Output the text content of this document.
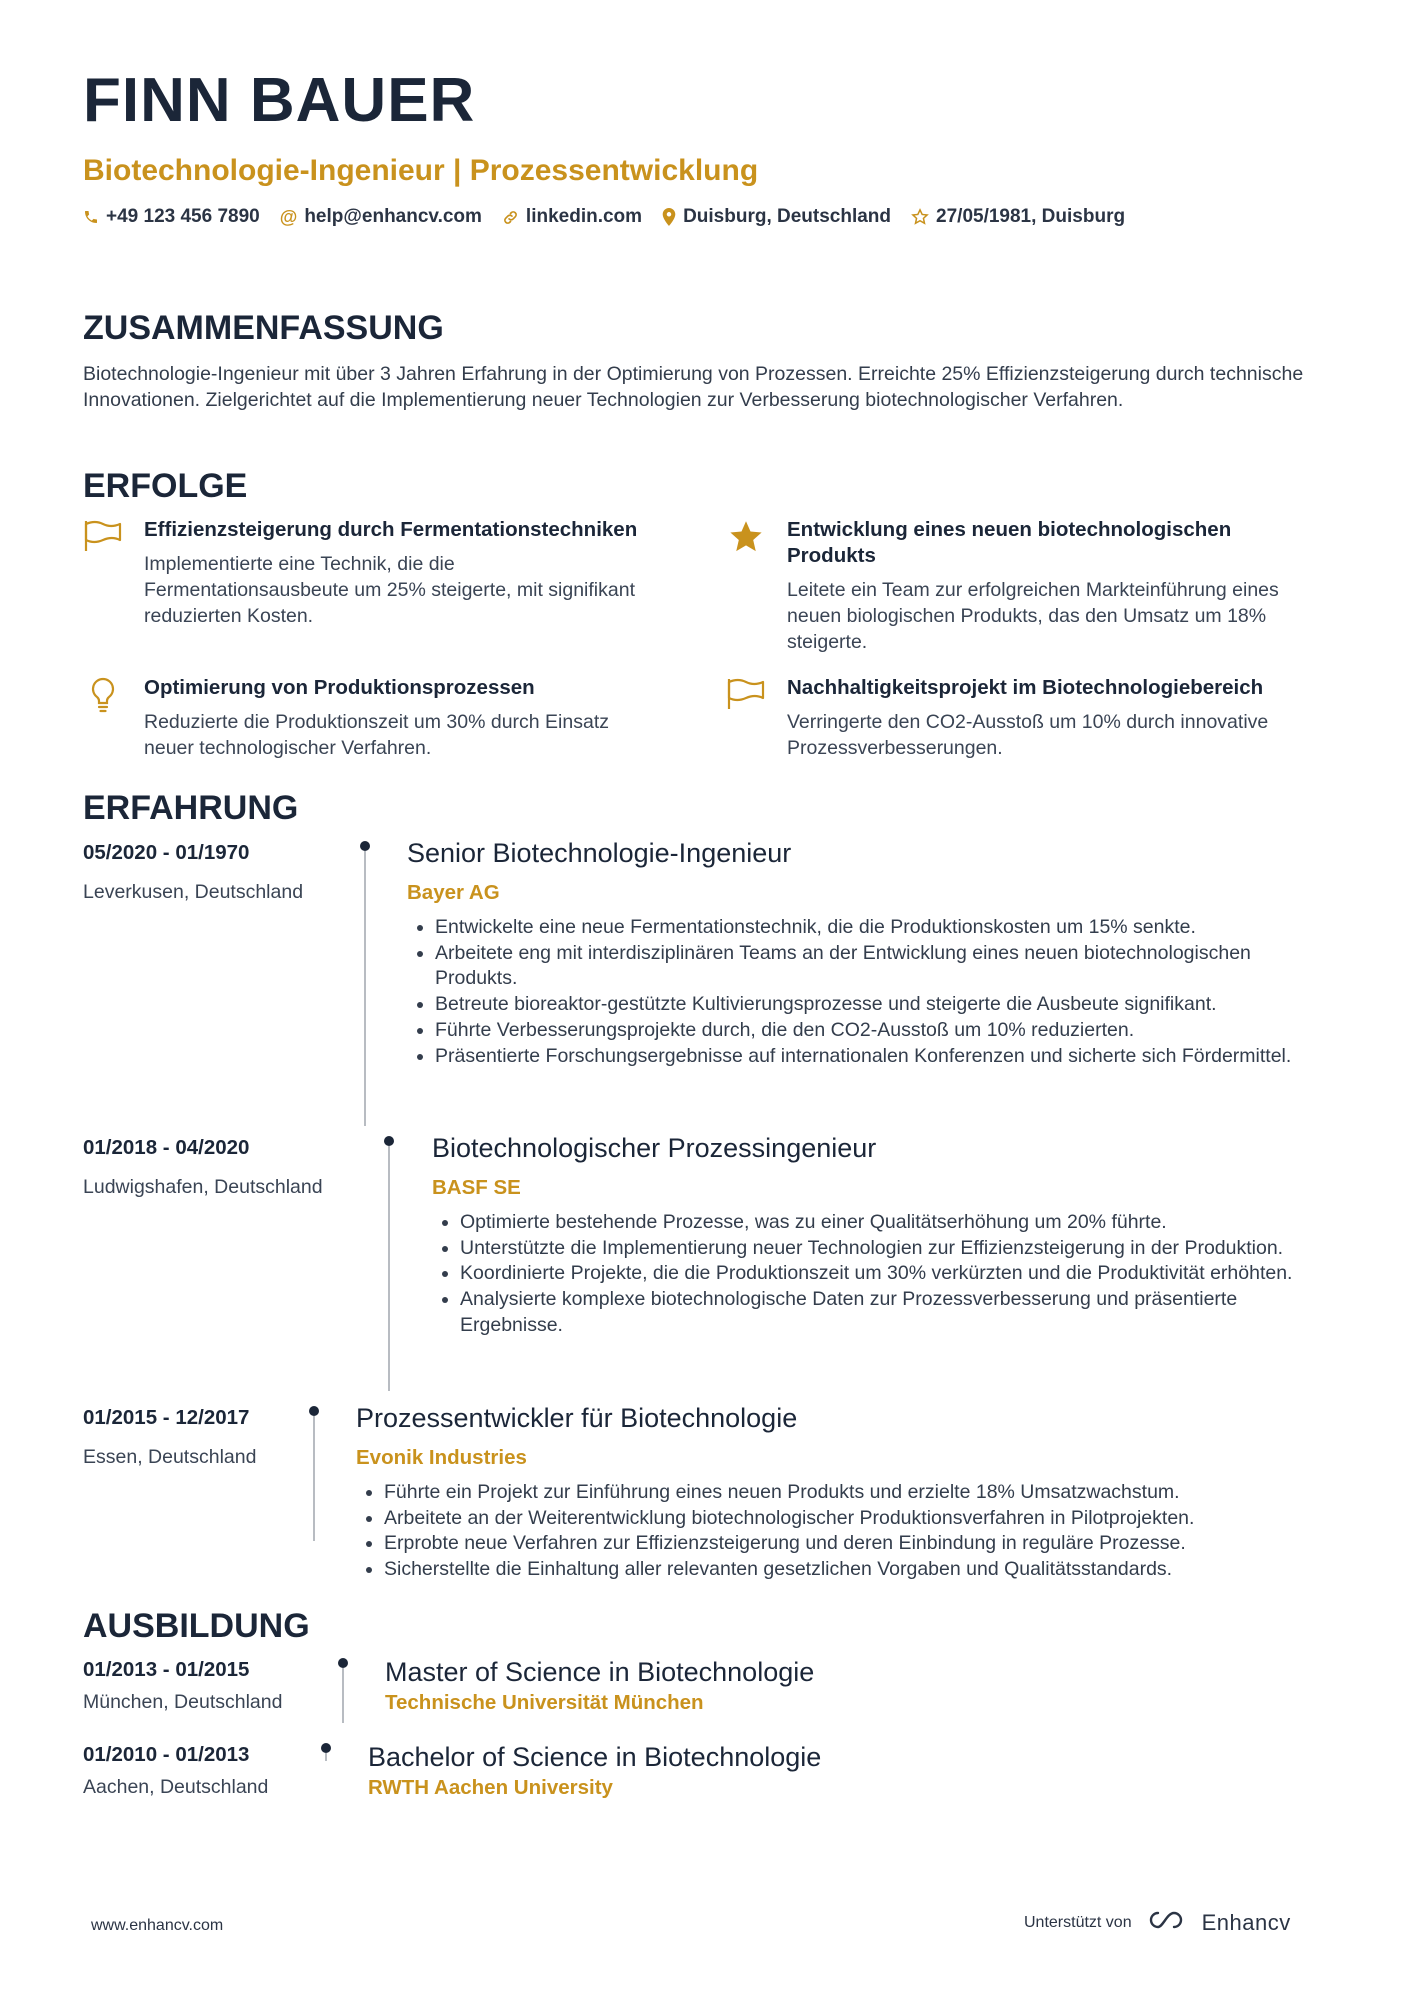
FINN BAUER
Biotechnologie-Ingenieur | Prozessentwicklung
+49 123 456 7890 @ help@enhancv.com linkedin.com Duisburg, Deutschland 27/05/1981, Duisburg
ZUSAMMENFASSUNG

Biotechnologie-Ingenieur mit über 3 Jahren Erfahrung in der Optimierung von Prozessen. Erreichte 25% Effizienzsteigerung durch technische Innovationen. Zielgerichtet auf die Implementierung neuer Technologien zur Verbesserung biotechnologischer Verfahren.

ERFOLGE
Effizienzsteigerung durch Fermentationstechniken
Implementierte eine Technik, die die Fermentationsausbeute um 25% steigerte, mit signifikant reduzierten Kosten.
Entwicklung eines neuen biotechnologischen Produkts
Leitete ein Team zur erfolgreichen Markteinführung eines neuen biologischen Produkts, das den Umsatz um 18% steigerte.
Optimierung von Produktionsprozessen
Reduzierte die Produktionszeit um 30% durch Einsatz neuer technologischer Verfahren.
Nachhaltigkeitsprojekt im Biotechnologiebereich
Verringerte den CO2-Ausstoß um 10% durch innovative Prozessverbesserungen.
ERFAHRUNG
05/2020 - 01/1970
Leverkusen, Deutschland
Senior Biotechnologie-Ingenieur
Bayer AG
• Entwickelte eine neue Fermentationstechnik, die die Produktionskosten um 15% senkte.
• Arbeitete eng mit interdisziplinären Teams an der Entwicklung eines neuen biotechnologischen Produkts.
• Betreute bioreaktor-gestützte Kultivierungsprozesse und steigerte die Ausbeute signifikant.
• Führte Verbesserungsprojekte durch, die den CO2-Ausstoß um 10% reduzierten.
• Präsentierte Forschungsergebnisse auf internationalen Konferenzen und sicherte sich Fördermittel.
01/2018 - 04/2020
Ludwigshafen, Deutschland
Biotechnologischer Prozessingenieur
BASF SE
• Optimierte bestehende Prozesse, was zu einer Qualitätserhöhung um 20% führte.
• Unterstützte die Implementierung neuer Technologien zur Effizienzsteigerung in der Produktion.
• Koordinierte Projekte, die die Produktionszeit um 30% verkürzten und die Produktivität erhöhten.
• Analysierte komplexe biotechnologische Daten zur Prozessverbesserung und präsentierte Ergebnisse.
01/2015 - 12/2017
Essen, Deutschland
Prozessentwickler für Biotechnologie
Evonik Industries
• Führte ein Projekt zur Einführung eines neuen Produkts und erzielte 18% Umsatzwachstum.
• Arbeitete an der Weiterentwicklung biotechnologischer Produktionsverfahren in Pilotprojekten.
• Erprobte neue Verfahren zur Effizienzsteigerung und deren Einbindung in reguläre Prozesse.
• Sicherstellte die Einhaltung aller relevanten gesetzlichen Vorgaben und Qualitätsstandards.
AUSBILDUNG
01/2013 - 01/2015
München, Deutschland
Master of Science in Biotechnologie
Technische Universität München
01/2010 - 01/2013
Aachen, Deutschland
Bachelor of Science in Biotechnologie
RWTH Aachen University
www.enhancv.com	Unterstützt von	Enhancv
